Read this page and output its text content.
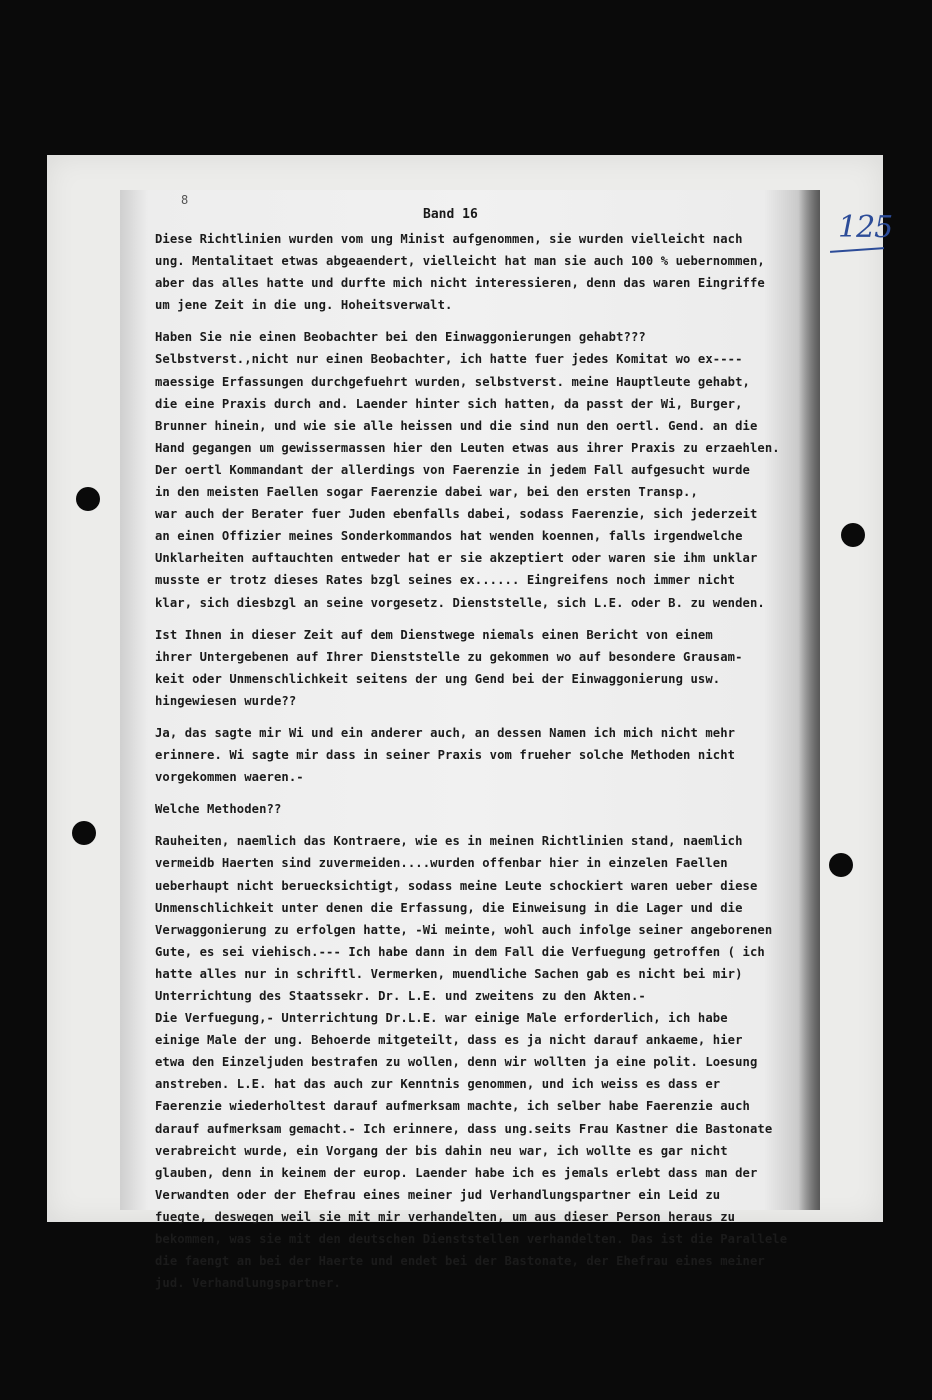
8
Band 16	125
Diese Richtlinien wurden vom ung Minist aufgenommen, sie wurden vielleicht nach
ung. Mentalitaet etwas abgeaendert, vielleicht hat man sie auch 100 % uebernommen,
aber das alles hatte und durfte mich nicht interessieren, denn das waren Eingriffe
um jene Zeit in die ung. Hoheitsverwalt.
Haben Sie nie einen Beobachter bei den Einwaggonierungen gehabt???
Selbstverst.,nicht nur einen Beobachter, ich hatte fuer jedes Komitat wo ex----
maessige Erfassungen durchgefuehrt wurden, selbstverst. meine Hauptleute gehabt,
die eine Praxis durch and. Laender hinter sich hatten, da passt der Wi, Burger,
Brunner hinein, und wie sie alle heissen und die sind nun den oertl. Gend. an die
Hand gegangen um gewissermassen hier den Leuten etwas aus ihrer Praxis zu erzaehlen.
Der oertl Kommandant der allerdings von Faerenzie in jedem Fall aufgesucht wurde
in den meisten Faellen sogar Faerenzie dabei war, bei den ersten Transp.,
war auch der Berater fuer Juden ebenfalls dabei, sodass Faerenzie, sich jederzeit
an einen Offizier meines Sonderkommandos hat wenden koennen, falls irgendwelche
Unklarheiten auftauchten entweder hat er sie akzeptiert oder waren sie ihm unklar
musste er trotz dieses Rates bzgl seines ex...... Eingreifens noch immer nicht
klar, sich diesbzgl an seine vorgesetz. Dienststelle, sich L.E. oder B. zu wenden.
Ist Ihnen in dieser Zeit auf dem Dienstwege niemals einen Bericht von einem
ihrer Untergebenen auf Ihrer Dienststelle zu gekommen wo auf besondere Grausam-
keit oder Unmenschlichkeit seitens der ung Gend bei der Einwaggonierung usw.
hingewiesen wurde??
Ja, das sagte mir Wi und ein anderer auch, an dessen Namen ich mich nicht mehr
erinnere. Wi sagte mir dass in seiner Praxis vom frueher solche Methoden nicht
vorgekommen waeren.-
Welche Methoden??
Rauheiten, naemlich das Kontraere, wie es in meinen Richtlinien stand, naemlich
vermeidb Haerten sind zuvermeiden....wurden offenbar hier in einzelen Faellen
ueberhaupt nicht beruecksichtigt, sodass meine Leute schockiert waren ueber diese
Unmenschlichkeit unter denen die Erfassung, die Einweisung in die Lager und die
Verwaggonierung zu erfolgen hatte, -Wi meinte, wohl auch infolge seiner angeborenen
Gute, es sei viehisch.--- Ich habe dann in dem Fall die Verfuegung getroffen ( ich
hatte alles nur in schriftl. Vermerken, muendliche Sachen gab es nicht bei mir)
Unterrichtung des Staatssekr. Dr. L.E. und zweitens zu den Akten.-
Die Verfuegung,- Unterrichtung Dr.L.E. war einige Male erforderlich, ich habe
einige Male der ung. Behoerde mitgeteilt, dass es ja nicht darauf ankaeme, hier
etwa den Einzeljuden bestrafen zu wollen, denn wir wollten ja eine polit. Loesung
anstreben. L.E. hat das auch zur Kenntnis genommen, und ich weiss es dass er
Faerenzie wiederholtest darauf aufmerksam machte, ich selber habe Faerenzie auch
darauf aufmerksam gemacht.- Ich erinnere, dass ung.seits Frau Kastner die Bastonate
verabreicht wurde, ein Vorgang der bis dahin neu war, ich wollte es gar nicht
glauben, denn in keinem der europ. Laender habe ich es jemals erlebt dass man der
Verwandten oder der Ehefrau eines meiner jud Verhandlungspartner ein Leid zu
fuegte, deswegen weil sie mit mir verhandelten, um aus dieser Person heraus zu
bekommen, was sie mit den deutschen Dienststellen verhandelten. Das ist die Parallele
die faengt an bei der Haerte und endet bei der Bastonate, der Ehefrau eines meiner
jud. Verhandlungspartner.
